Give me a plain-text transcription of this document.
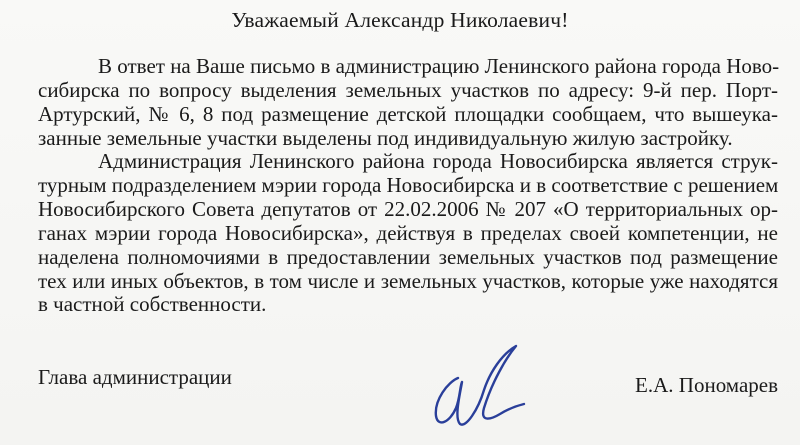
Уважаемый Александр Николаевич!
В ответ на Ваше письмо в администрацию Ленинского района города Ново-
сибирска по вопросу выделения земельных участков по адресу: 9-й пер. Порт-
Артурский, № 6, 8 под размещение детской площадки сообщаем, что вышеука-
занные земельные участки выделены под индивидуальную жилую застройку.
Администрация Ленинского района города Новосибирска является струк-
турным подразделением мэрии города Новосибирска и в соответствие с решением
Новосибирского Совета депутатов от 22.02.2006 № 207 «О территориальных ор-
ганах мэрии города Новосибирска», действуя в пределах своей компетенции, не
наделена полномочиями в предоставлении земельных участков под размещение
тех или иных объектов, в том числе и земельных участков, которые уже находятся
в частной собственности.
Глава администрации	Е.А. Пономарев
